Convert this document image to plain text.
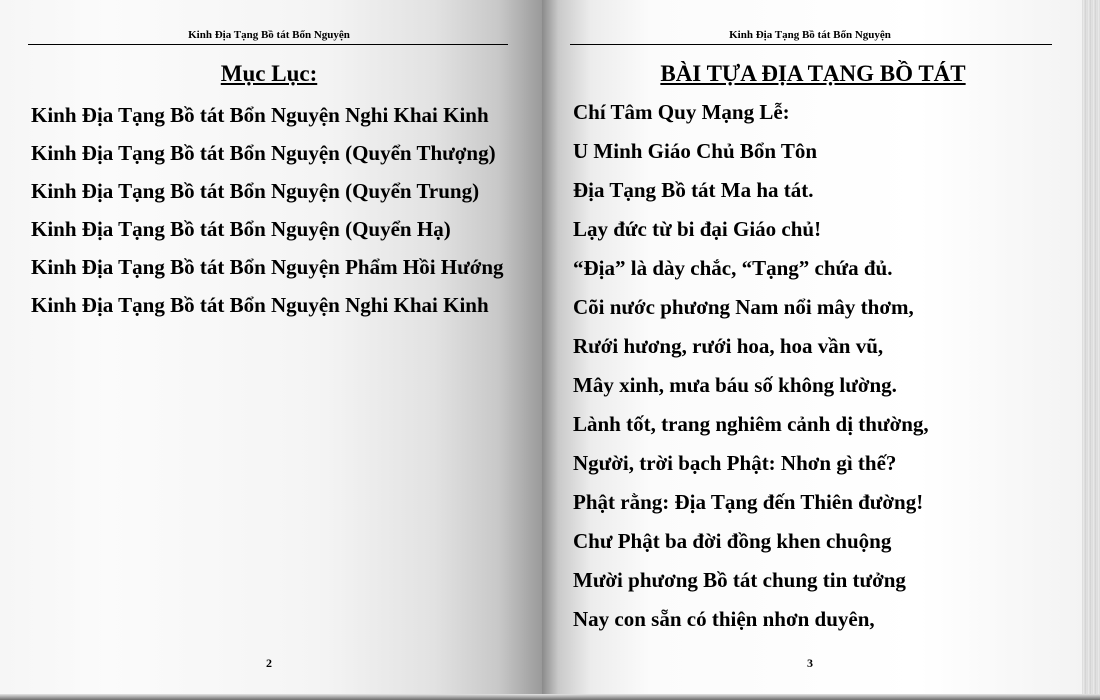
Kinh Địa Tạng Bồ tát Bổn Nguyện
Mục Lục:
Kinh Địa Tạng Bồ tát Bổn Nguyện Nghi Khai Kinh
Kinh Địa Tạng Bồ tát Bổn Nguyện (Quyển Thượng)
Kinh Địa Tạng Bồ tát Bổn Nguyện (Quyển Trung)
Kinh Địa Tạng Bồ tát Bổn Nguyện (Quyển Hạ)
Kinh Địa Tạng Bồ tát Bổn Nguyện Phẩm Hồi Hướng
Kinh Địa Tạng Bồ tát Bổn Nguyện Nghi Khai Kinh
2
Kinh Địa Tạng Bồ tát Bổn Nguyện
BÀI TỰA ĐỊA TẠNG BỒ TÁT
Chí Tâm Quy Mạng Lễ:
U Minh Giáo Chủ Bổn Tôn
Địa Tạng Bồ tát Ma ha tát.
Lạy đức từ bi đại Giáo chủ!
“Địa” là dày chắc, “Tạng” chứa đủ.
Cõi nước phương Nam nổi mây thơm,
Rưới hương, rưới hoa, hoa vần vũ,
Mây xinh, mưa báu số không lường.
Lành tốt, trang nghiêm cảnh dị thường,
Người, trời bạch Phật: Nhơn gì thế?
Phật rằng: Địa Tạng đến Thiên đường!
Chư Phật ba đời đồng khen chuộng
Mười phương Bồ tát chung tin tưởng
Nay con sẵn có thiện nhơn duyên,
3
